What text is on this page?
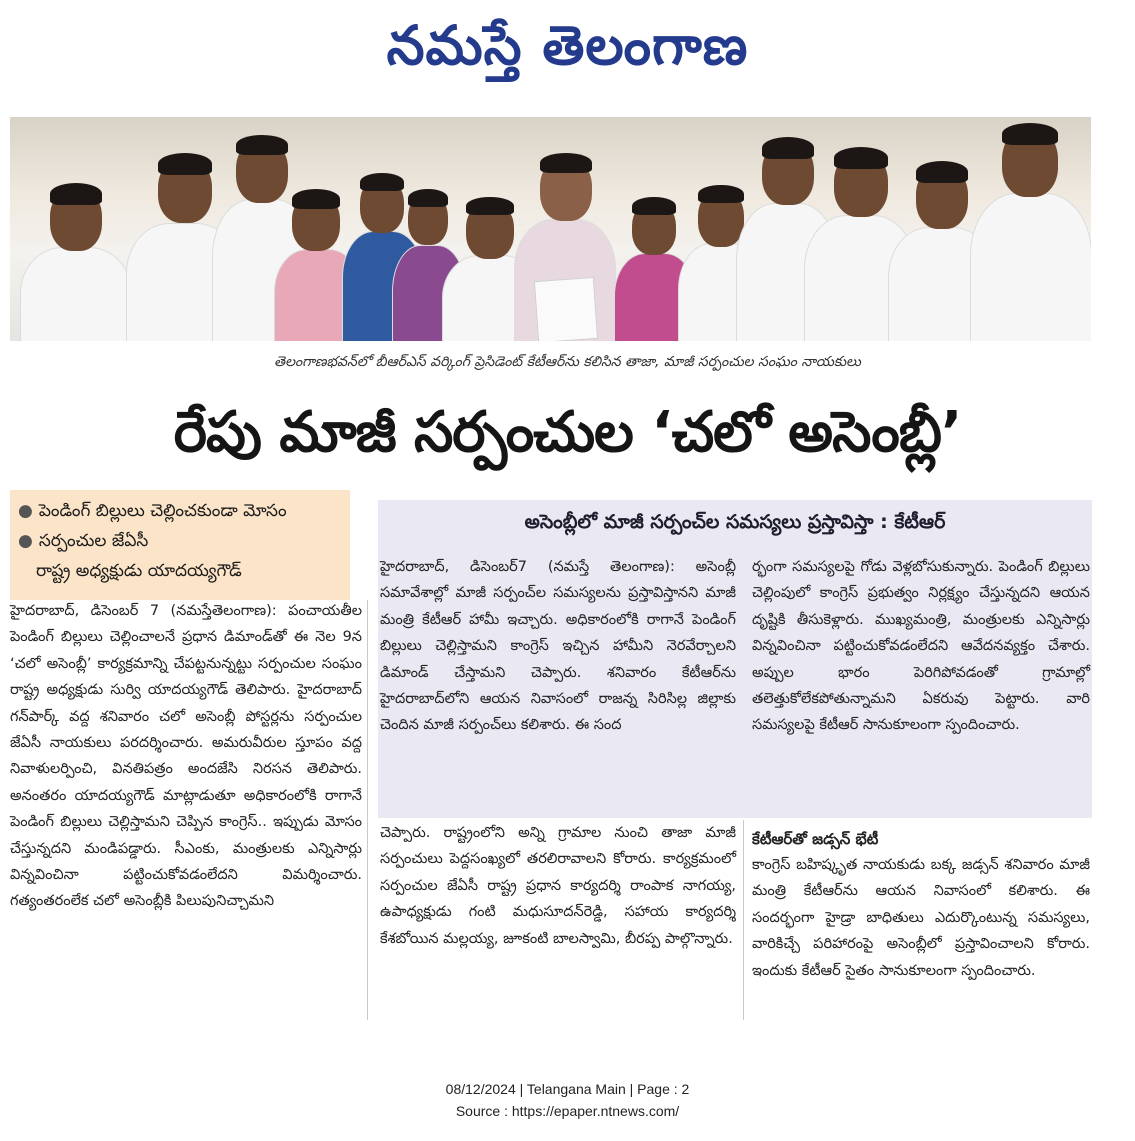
నమస్తే తెలంగాణ
తెలంగాణభవన్‌లో బీఆర్‌ఎస్ వర్కింగ్ ప్రెసిడెంట్ కేటీఆర్‌ను కలిసిన తాజా, మాజీ సర్పంచుల సంఘం నాయకులు
రేపు మాజీ సర్పంచుల ‘చలో అసెంబ్లీ’
● పెండింగ్ బిల్లులు చెల్లించకుండా మోసం
● సర్పంచుల జేఏసీ
రాష్ట్ర అధ్యక్షుడు యాదయ్యగౌడ్

హైదరాబాద్, డిసెంబర్ 7 (నమస్తేతెలంగాణ): పంచాయతీల పెండింగ్ బిల్లులు చెల్లించాలనే ప్రధాన డిమాండ్‌తో ఈ నెల 9న ‘చలో అసెంబ్లీ’ కార్యక్రమాన్ని చేపట్టనున్నట్టు సర్పంచుల సంఘం రాష్ట్ర అధ్యక్షుడు సుర్వి యాదయ్యగౌడ్ తెలిపారు. హైదరాబాద్ గన్‌పార్క్ వద్ద శనివారం చలో అసెంబ్లీ పోస్టర్లను సర్పంచుల జేఏసీ నాయకులు పరదర్శించారు. అమరువీరుల స్తూపం వద్ద నివాళులర్పించి, వినతిపత్రం అందజేసి నిరసన తెలిపారు. అనంతరం యాదయ్యగౌడ్ మాట్లాడుతూ అధికారంలోకి రాగానే పెండింగ్ బిల్లులు చెల్లిస్తామని చెప్పిన కాంగ్రెస్.. ఇప్పుడు మోసం చేస్తున్నదని మండిపడ్డారు. సీఎంకు, మంత్రులకు ఎన్నిసార్లు విన్నవించినా పట్టించుకోవడంలేదని విమర్శించారు. గత్యంతరంలేక చలో అసెంబ్లీకి పిలుపునిచ్చామని

అసెంబ్లీలో మాజీ సర్పంచ్‌ల సమస్యలు ప్రస్తావిస్తా : కేటీఆర్
హైదరాబాద్, డిసెంబర్7 (నమస్తే తెలంగాణ): అసెంబ్లీ సమావేశాల్లో మాజీ సర్పంచ్‌ల సమస్యలను ప్రస్తావిస్తానని మాజీ మంత్రి కేటీఆర్ హామీ ఇచ్చారు. అధికారంలోకి రాగానే పెండింగ్ బిల్లులు చెల్లిస్తామని కాంగ్రెస్ ఇచ్చిన హామీని నెరవేర్చాలని డిమాండ్ చేస్తామని చెప్పారు. శనివారం కేటీఆర్‌ను హైదరాబాద్‌లోని ఆయన నివాసంలో రాజన్న సిరిసిల్ల జిల్లాకు చెందిన మాజీ సర్పంచ్‌లు కలిశారు. ఈ సంద
ర్భంగా సమస్యలపై గోడు వెళ్లబోసుకున్నారు. పెండింగ్ బిల్లులు చెల్లింపులో కాంగ్రెస్ ప్రభుత్వం నిర్లక్ష్యం చేస్తున్నదని ఆయన దృష్టికి తీసుకెళ్లారు. ముఖ్యమంత్రి, మంత్రులకు ఎన్నిసార్లు విన్నవించినా పట్టించుకోవడంలేదని ఆవేదనవ్యక్తం చేశారు. అప్పుల భారం పెరిగిపోవడంతో గ్రామాల్లో తలెత్తుకోలేకపోతున్నామని ఏకరువు పెట్టారు. వారి సమస్యలపై కేటీఆర్ సానుకూలంగా స్పందించారు.
చెప్పారు. రాష్ట్రంలోని అన్ని గ్రామాల నుంచి తాజా మాజీ సర్పంచులు పెద్దసంఖ్యలో తరలిరావాలని కోరారు. కార్యక్రమంలో సర్పంచుల జేఏసీ రాష్ట్ర ప్రధాన కార్యదర్శి రాంపాక నాగయ్య, ఉపాధ్యక్షుడు గంటి మధుసూదన్‌రెడ్డి, సహాయ కార్యదర్శి కేశబోయిన మల్లయ్య, జూకంటి బాలస్వామి, బీరప్ప పాల్గొన్నారు.
కేటీఆర్‌తో జడ్సన్ భేటీ
కాంగ్రెస్ బహిష్కృత నాయకుడు బక్క జడ్సన్ శనివారం మాజీ మంత్రి కేటీఆర్‌ను ఆయన నివాసంలో కలిశారు. ఈ సందర్భంగా హైడ్రా బాధితులు ఎదుర్కొంటున్న సమస్యలు, వారికిచ్చే పరిహారంపై అసెంబ్లీలో ప్రస్తావించాలని కోరారు. ఇందుకు కేటీఆర్ సైతం సానుకూలంగా స్పందించారు.
08/12/2024 | Telangana Main | Page : 2
Source : https://epaper.ntnews.com/
